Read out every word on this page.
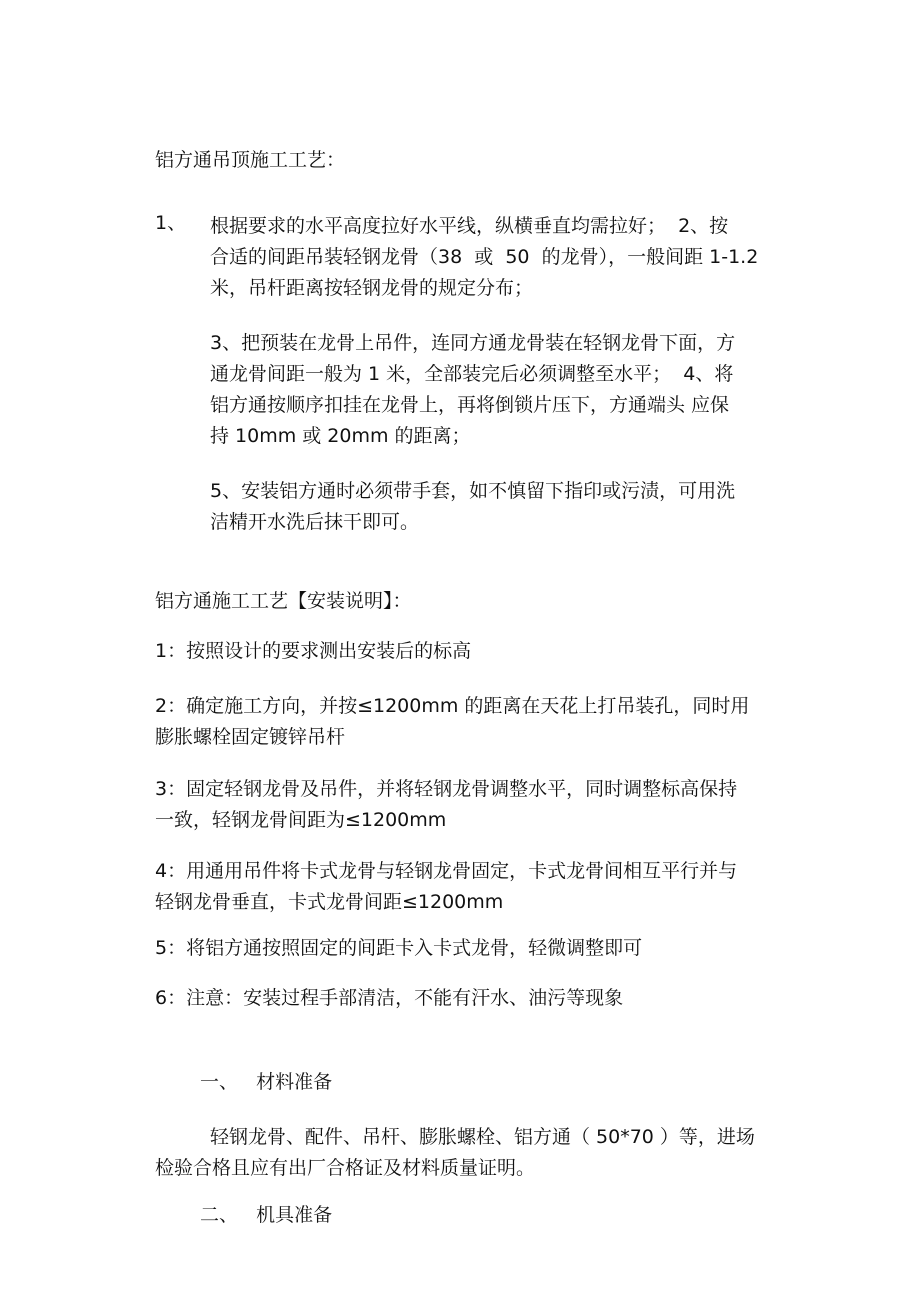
铝方通吊顶施工工艺：
1、 根据要求的水平高度拉好水平线，纵横垂直均需拉好；  2、按
合适的间距吊装轻钢龙骨（38  或  50  的龙骨），一般间距 1-1.2
米，吊杆距离按轻钢龙骨的规定分布；
3、把预装在龙骨上吊件，连同方通龙骨装在轻钢龙骨下面，方
通龙骨间距一般为 1 米，全部装完后必须调整至水平；  4、将
铝方通按顺序扣挂在龙骨上，再将倒锁片压下，方通端头 应保
持 10mm 或 20mm 的距离；
5、安装铝方通时必须带手套，如不慎留下指印或污渍，可用洗
洁精开水洗后抹干即可。
铝方通施工工艺【安装说明】：
1：按照设计的要求测出安装后的标高
2：确定施工方向，并按≤1200mm 的距离在天花上打吊装孔，同时用
膨胀螺栓固定镀锌吊杆
3：固定轻钢龙骨及吊件，并将轻钢龙骨调整水平，同时调整标高保持
一致，轻钢龙骨间距为≤1200mm
4：用通用吊件将卡式龙骨与轻钢龙骨固定，卡式龙骨间相互平行并与
轻钢龙骨垂直，卡式龙骨间距≤1200mm
5：将铝方通按照固定的间距卡入卡式龙骨，轻微调整即可
6：注意：安装过程手部清洁，不能有汗水、油污等现象
一、   材料准备
轻钢龙骨、配件、吊杆、膨胀螺栓、铝方通（ 50*70 ）等，进场
检验合格且应有出厂合格证及材料质量证明。
二、   机具准备
